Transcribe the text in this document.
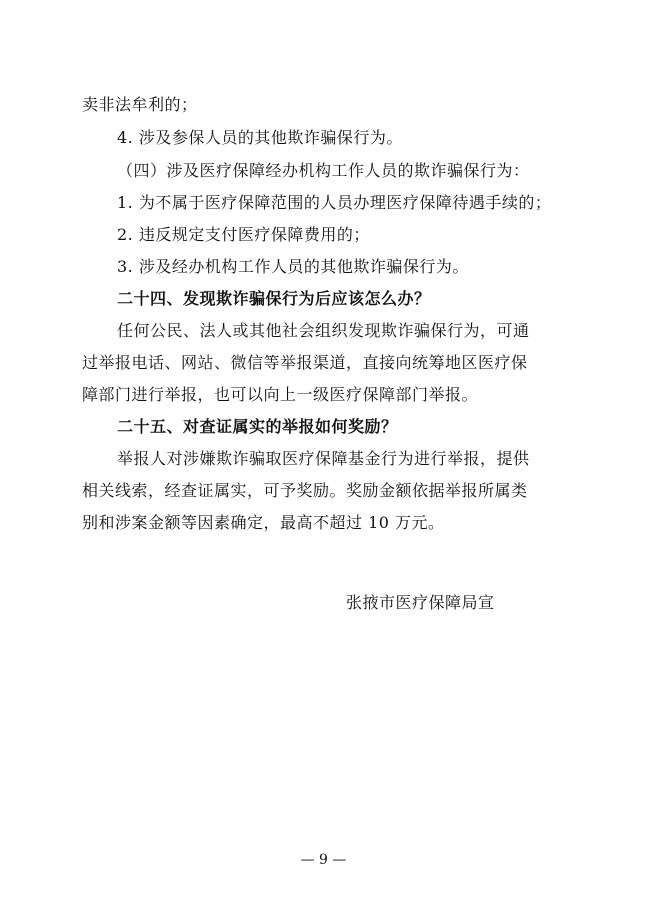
卖非法牟利的；
4. 涉及参保人员的其他欺诈骗保行为。
（四）涉及医疗保障经办机构工作人员的欺诈骗保行为：
1. 为不属于医疗保障范围的人员办理医疗保障待遇手续的；
2. 违反规定支付医疗保障费用的；
3. 涉及经办机构工作人员的其他欺诈骗保行为。
二十四、发现欺诈骗保行为后应该怎么办？
任何公民、法人或其他社会组织发现欺诈骗保行为，可通
过举报电话、网站、微信等举报渠道，直接向统筹地区医疗保
障部门进行举报，也可以向上一级医疗保障部门举报。
二十五、对查证属实的举报如何奖励？
举报人对涉嫌欺诈骗取医疗保障基金行为进行举报，提供
相关线索，经查证属实，可予奖励。奖励金额依据举报所属类
别和涉案金额等因素确定，最高不超过 10 万元。
张掖市医疗保障局宣
— 9 —
